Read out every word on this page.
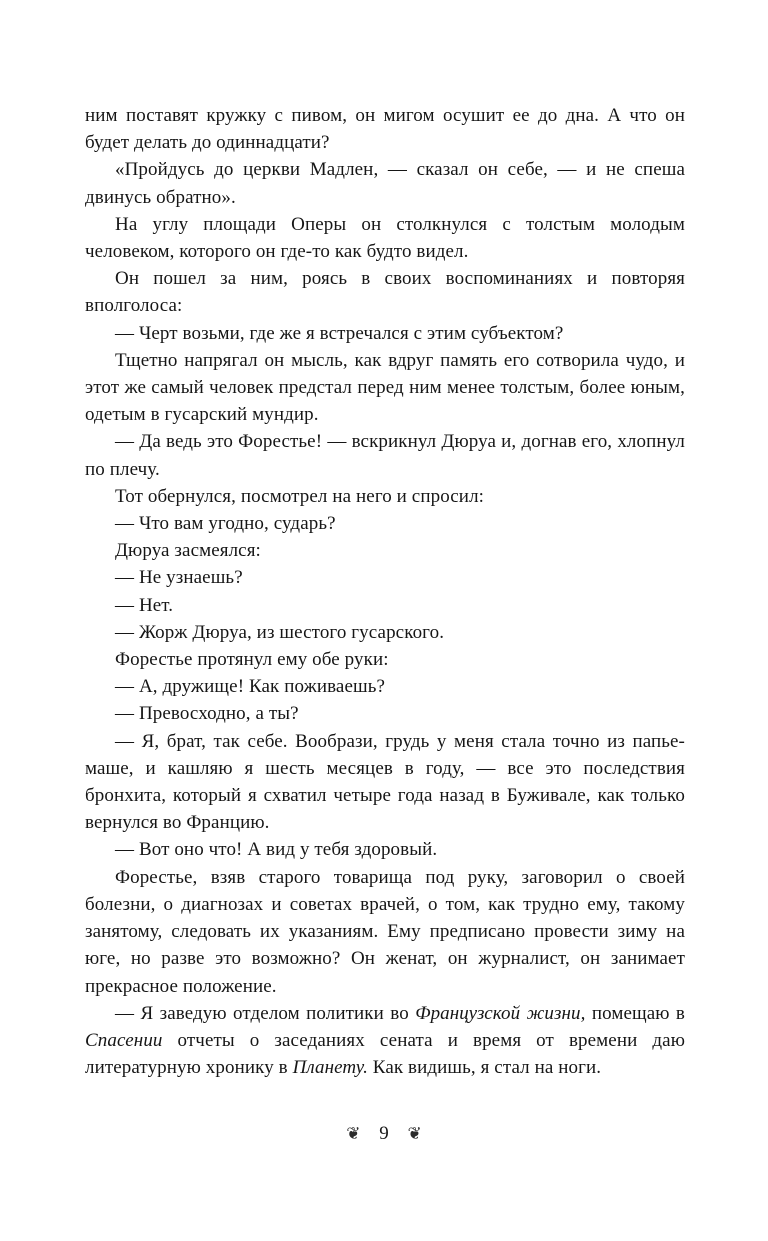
ним поставят кружку с пивом, он мигом осушит ее до дна. А что он будет делать до одиннадцати?

«Пройдусь до церкви Мадлен, — сказал он себе, — и не спеша двинусь обратно».

На углу площади Оперы он столкнулся с толстым молодым человеком, которого он где-то как будто видел.

Он пошел за ним, роясь в своих воспоминаниях и повторяя вполголоса:

— Черт возьми, где же я встречался с этим субъектом?

Тщетно напрягал он мысль, как вдруг память его сотворила чудо, и этот же самый человек предстал перед ним менее толстым, более юным, одетым в гусарский мундир.

— Да ведь это Форестье! — вскрикнул Дюруа и, догнав его, хлопнул по плечу.

Тот обернулся, посмотрел на него и спросил:

— Что вам угодно, сударь?

Дюруа засмеялся:

— Не узнаешь?

— Нет.

— Жорж Дюруа, из шестого гусарского.

Форестье протянул ему обе руки:

— А, дружище! Как поживаешь?

— Превосходно, а ты?

— Я, брат, так себе. Вообрази, грудь у меня стала точно из папье-маше, и кашляю я шесть месяцев в году, — все это последствия бронхита, который я схватил четыре года назад в Буживале, как только вернулся во Францию.

— Вот оно что! А вид у тебя здоровый.

Форестье, взяв старого товарища под руку, заговорил о своей болезни, о диагнозах и советах врачей, о том, как трудно ему, такому занятому, следовать их указаниям. Ему предписано провести зиму на юге, но разве это возможно? Он женат, он журналист, он занимает прекрасное положение.

— Я заведую отделом политики во Французской жизни, помещаю в Спасении отчеты о заседаниях сената и время от времени даю литературную хронику в Планету. Как видишь, я стал на ноги.

❦ 9 ❦
